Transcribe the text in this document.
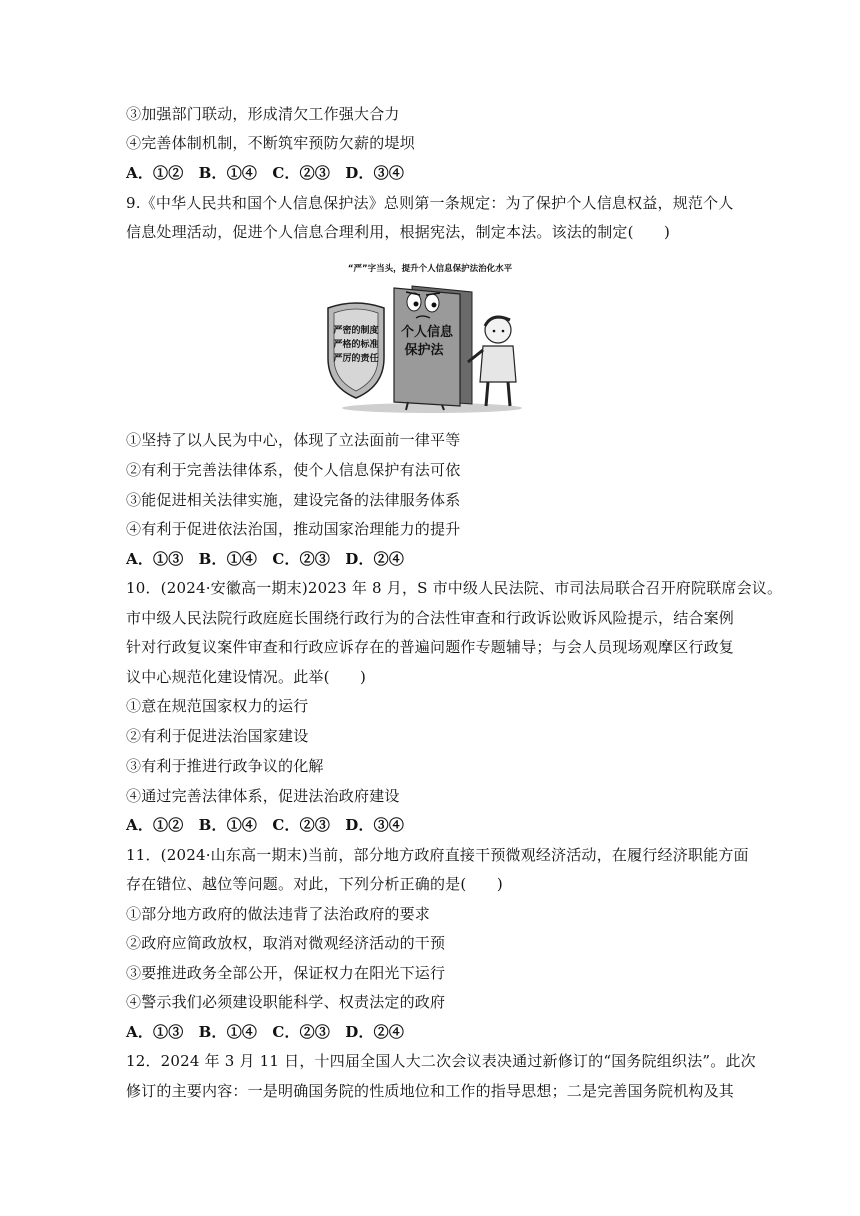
③加强部门联动，形成清欠工作强大合力
④完善体制机制，不断筑牢预防欠薪的堤坝
A．①②　B．①④　C．②③　D．③④
9.《中华人民共和国个人信息保护法》总则第一条规定：为了保护个人信息权益，规范个人
信息处理活动，促进个人信息合理利用，根据宪法，制定本法。该法的制定(　　)
“严”字当头，提升个人信息保护法治化水平
个人信息
保护法
严密的制度
严格的标准
严厉的责任
①坚持了以人民为中心，体现了立法面前一律平等
②有利于完善法律体系，使个人信息保护有法可依
③能促进相关法律实施，建设完备的法律服务体系
④有利于促进依法治国，推动国家治理能力的提升
A．①③　B．①④　C．②③　D．②④
10．(2024·安徽高一期末)2023 年 8 月，S 市中级人民法院、市司法局联合召开府院联席会议。
市中级人民法院行政庭庭长围绕行政行为的合法性审查和行政诉讼败诉风险提示，结合案例
针对行政复议案件审查和行政应诉存在的普遍问题作专题辅导；与会人员现场观摩区行政复
议中心规范化建设情况。此举(　　)
①意在规范国家权力的运行
②有利于促进法治国家建设
③有利于推进行政争议的化解
④通过完善法律体系，促进法治政府建设
A．①②　B．①④　C．②③　D．③④
11．(2024·山东高一期末)当前，部分地方政府直接干预微观经济活动，在履行经济职能方面
存在错位、越位等问题。对此，下列分析正确的是(　　)
①部分地方政府的做法违背了法治政府的要求
②政府应简政放权，取消对微观经济活动的干预
③要推进政务全部公开，保证权力在阳光下运行
④警示我们必须建设职能科学、权责法定的政府
A．①③　B．①④　C．②③　D．②④
12．2024 年 3 月 11 日，十四届全国人大二次会议表决通过新修订的“国务院组织法”。此次
修订的主要内容：一是明确国务院的性质地位和工作的指导思想；二是完善国务院机构及其
